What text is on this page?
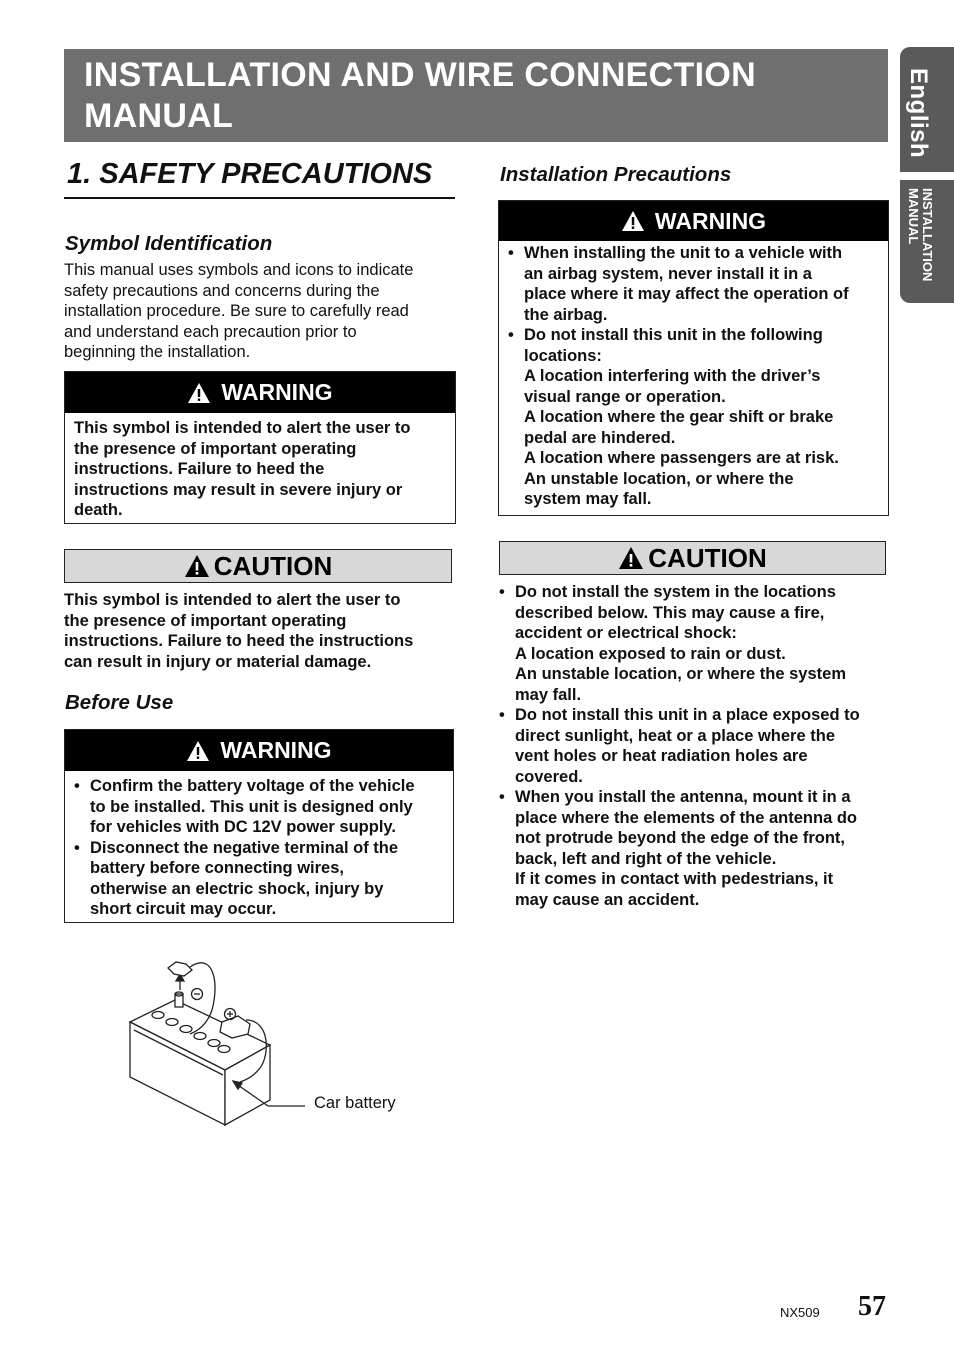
INSTALLATION AND WIRE CONNECTION
MANUAL	English
INSTALLATION
MANUAL
1. SAFETY PRECAUTIONS
Symbol Identification
This manual uses symbols and icons to indicate
safety precautions and concerns during the
installation procedure. Be sure to carefully read
and understand each precaution prior to
beginning the installation.
WARNING
This symbol is intended to alert the user to
the presence of important operating
instructions. Failure to heed the
instructions may result in severe injury or
death.
CAUTION
This symbol is intended to alert the user to
the presence of important operating
instructions. Failure to heed the instructions
can result in injury or material damage.
Before Use
WARNING
• Confirm the battery voltage of the vehicle
to be installed. This unit is designed only
for vehicles with DC 12V power supply.
• Disconnect the negative terminal of the
battery before connecting wires,
otherwise an electric shock, injury by
short circuit may occur.
Car battery
Installation Precautions
WARNING
• When installing the unit to a vehicle with
an airbag system, never install it in a
place where it may affect the operation of
the airbag.
• Do not install this unit in the following
locations:
A location interfering with the driver’s
visual range or operation.
A location where the gear shift or brake
pedal are hindered.
A location where passengers are at risk.
An unstable location, or where the
system may fall.
CAUTION
• Do not install the system in the locations
described below. This may cause a fire,
accident or electrical shock:
A location exposed to rain or dust.
An unstable location, or where the system
may fall.
• Do not install this unit in a place exposed to
direct sunlight, heat or a place where the
vent holes or heat radiation holes are
covered.
• When you install the antenna, mount it in a
place where the elements of the antenna do
not protrude beyond the edge of the front,
back, left and right of the vehicle.
If it comes in contact with pedestrians, it
may cause an accident.
NX509 57
